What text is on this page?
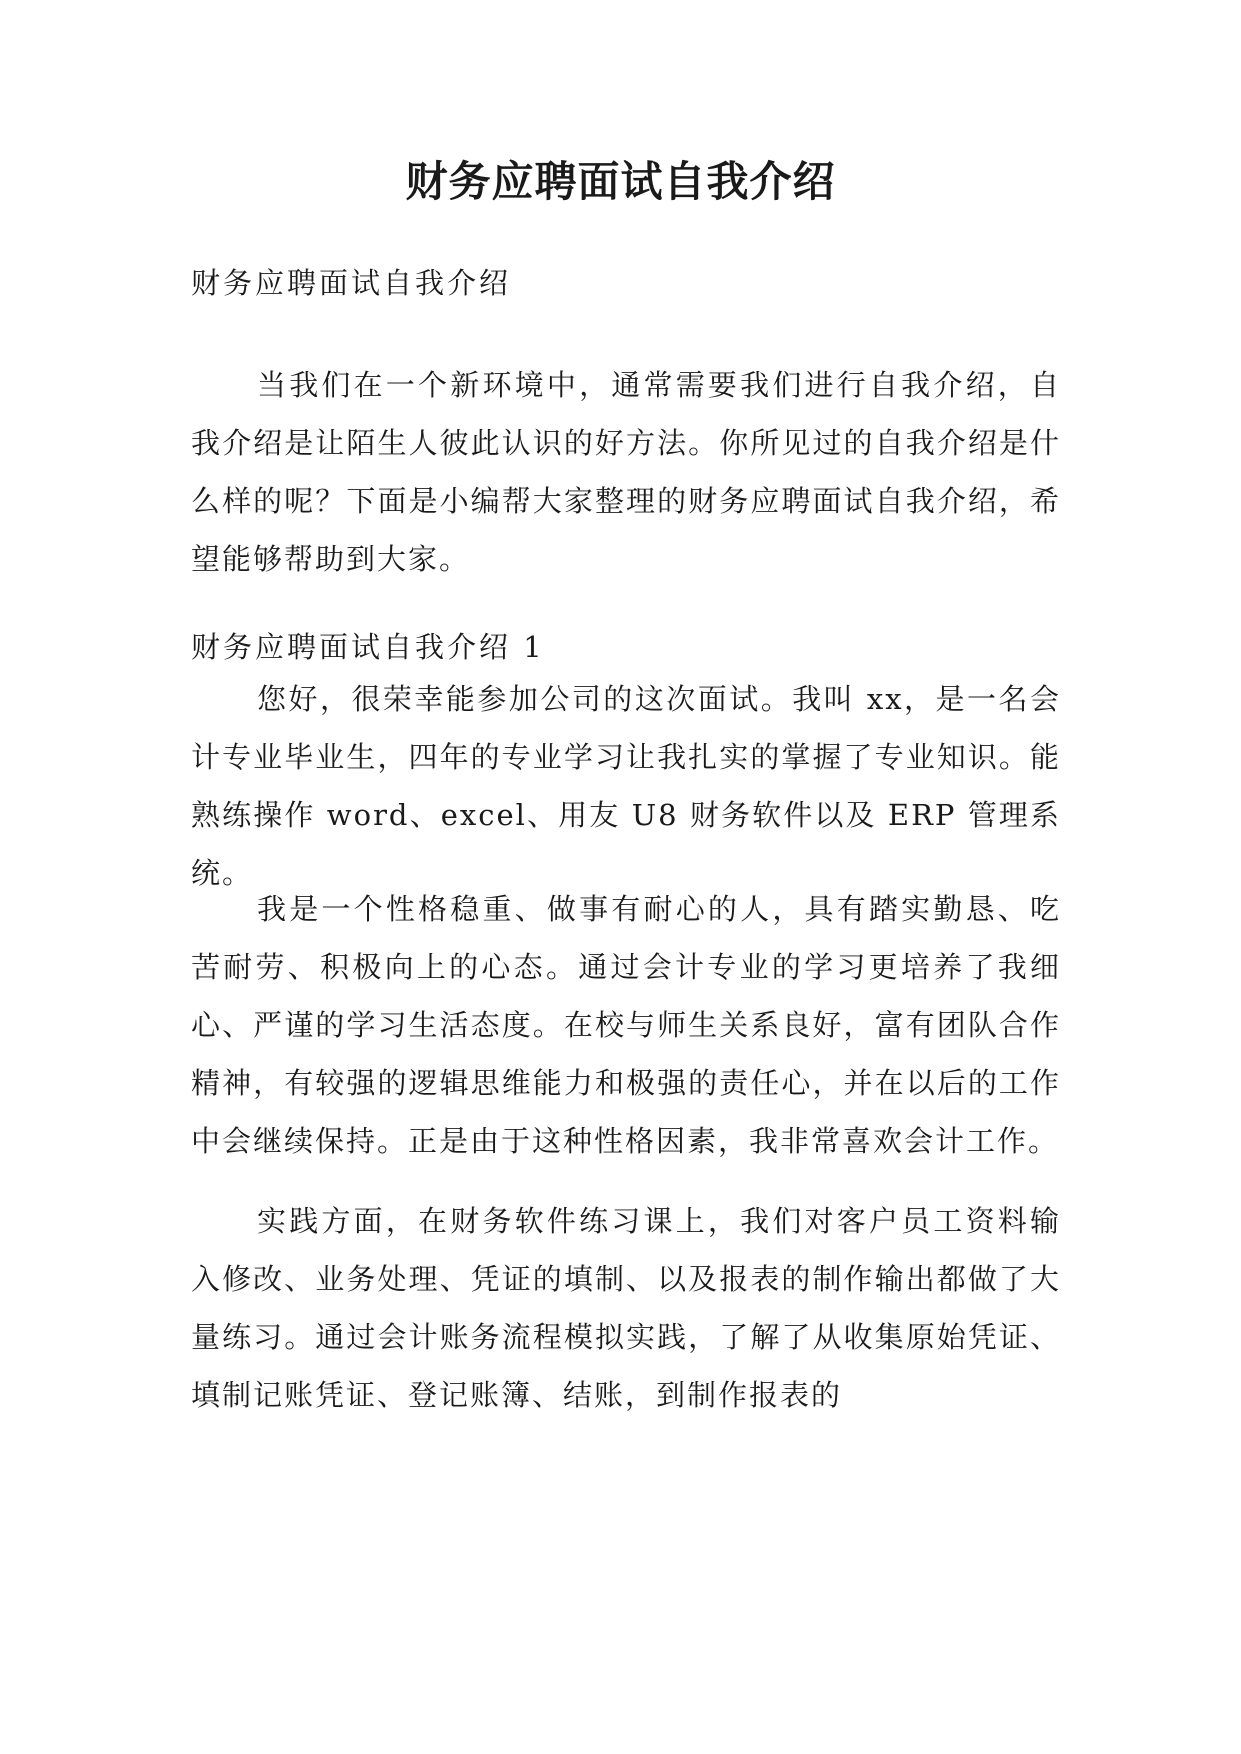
财务应聘面试自我介绍

财务应聘面试自我介绍

当我们在一个新环境中，通常需要我们进行自我介绍，自我介绍是让陌生人彼此认识的好方法。你所见过的自我介绍是什么样的呢？下面是小编帮大家整理的财务应聘面试自我介绍，希望能够帮助到大家。

财务应聘面试自我介绍 1

您好，很荣幸能参加公司的这次面试。我叫 xx，是一名会计专业毕业生，四年的专业学习让我扎实的掌握了专业知识。能熟练操作 word、excel、用友 U8 财务软件以及 ERP 管理系统。

我是一个性格稳重、做事有耐心的人，具有踏实勤恳、吃苦耐劳、积极向上的心态。通过会计专业的学习更培养了我细心、严谨的学习生活态度。在校与师生关系良好，富有团队合作精神，有较强的逻辑思维能力和极强的责任心，并在以后的工作中会继续保持。正是由于这种性格因素，我非常喜欢会计工作。

实践方面，在财务软件练习课上，我们对客户员工资料输入修改、业务处理、凭证的填制、以及报表的制作输出都做了大量练习。通过会计账务流程模拟实践，了解了从收集原始凭证、填制记账凭证、登记账簿、结账，到制作报表的
